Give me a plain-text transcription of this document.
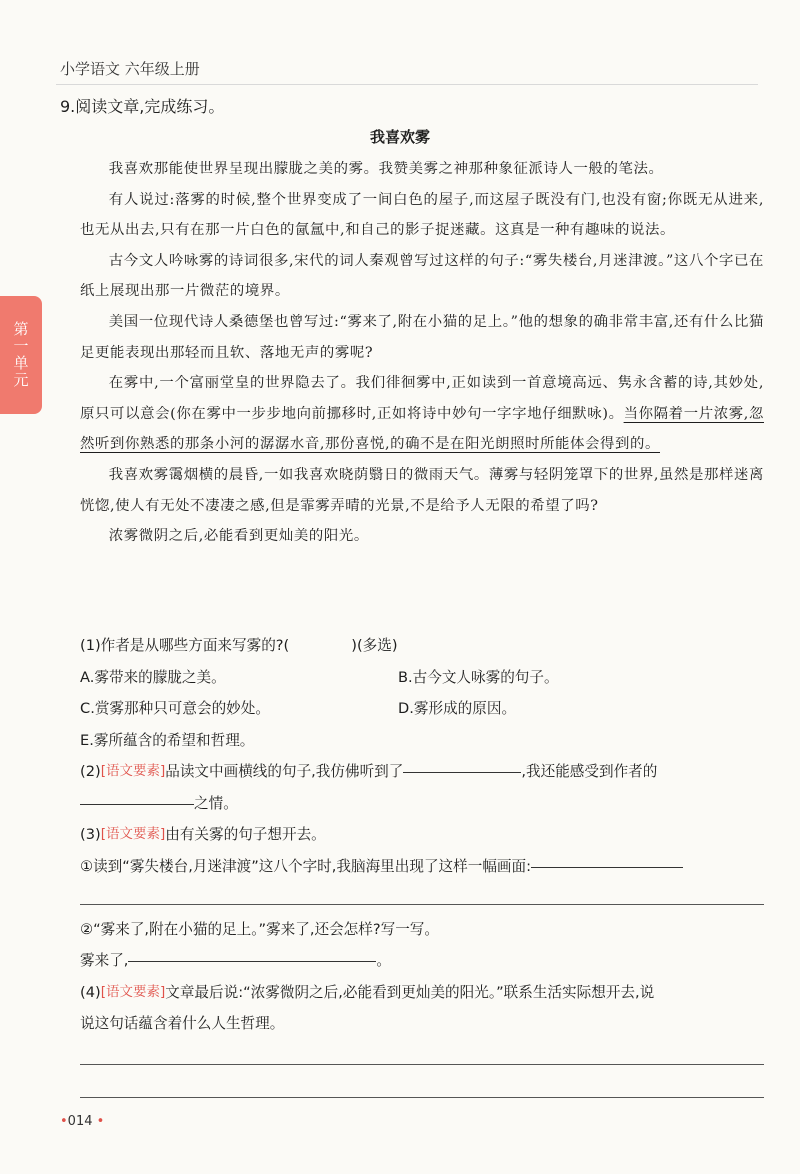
小学语文 六年级上册
9.阅读文章,完成练习。
第一单元
我喜欢雾

我喜欢那能使世界呈现出朦胧之美的雾。我赞美雾之神那种象征派诗人一般的笔法。

有人说过:落雾的时候,整个世界变成了一间白色的屋子,而这屋子既没有门,也没有窗;你既无从进来,也无从出去,只有在那一片白色的氤氲中,和自己的影子捉迷藏。这真是一种有趣味的说法。

古今文人吟咏雾的诗词很多,宋代的词人秦观曾写过这样的句子:“雾失楼台,月迷津渡。”这八个字已在纸上展现出那一片微茫的境界。

美国一位现代诗人桑德堡也曾写过:“雾来了,附在小猫的足上。”他的想象的确非常丰富,还有什么比猫足更能表现出那轻而且软、落地无声的雾呢?

在雾中,一个富丽堂皇的世界隐去了。我们徘徊雾中,正如读到一首意境高远、隽永含蓄的诗,其妙处,原只可以意会(你在雾中一步步地向前挪移时,正如将诗中妙句一字字地仔细默咏)。当你隔着一片浓雾,忽然听到你熟悉的那条小河的潺潺水音,那份喜悦,的确不是在阳光朗照时所能体会得到的。

我喜欢雾霭烟横的晨昏,一如我喜欢晓荫翳日的微雨天气。薄雾与轻阴笼罩下的世界,虽然是那样迷离恍惚,使人有无处不凄凄之感,但是霏雾弄晴的光景,不是给予人无限的希望了吗?

浓雾微阴之后,必能看到更灿美的阳光。

(1)作者是从哪些方面来写雾的?(	)(多选)
A.雾带来的朦胧之美。	B.古今文人咏雾的句子。
C.赏雾那种只可意会的妙处。	D.雾形成的原因。
E.雾所蕴含的希望和哲理。
(2) [语文要素] 品读文中画横线的句子,我仿佛听到了	,我还能感受到作者的
之情。
(3) [语文要素] 由有关雾的句子想开去。
①读到“雾失楼台,月迷津渡”这八个字时,我脑海里出现了这样一幅画面:
②“雾来了,附在小猫的足上。”雾来了,还会怎样?写一写。
雾来了,	。
(4) [语文要素] 文章最后说:“浓雾微阴之后,必能看到更灿美的阳光。”联系生活实际想开去,说
说这句话蕴含着什么人生哲理。
•014 •
